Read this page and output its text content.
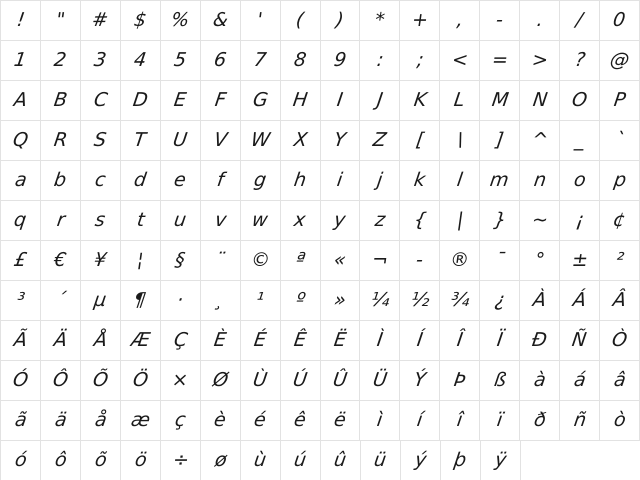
! " # $ % & ' ( ) * + , - . / 0
1 2 3 4 5 6 7 8 9 : ; < = > ? @
A B C D E F G H I J K L M N O P
Q R S T U V W X Y Z [ \ ] ^ _ `
a b c d e f g h i j k l m n o p
q r s t u v w x y z { | } ~ ¡ ¢
£ € ¥ ¦ § ¨ © ª « ¬ - ® ¯ ° ± ²
³ ´ µ ¶ · ¸ ¹ º » ¼ ½ ¾ ¿ À Á Â
Ã Ä Å Æ Ç È É Ê Ë Ì Í Î Ï Ð Ñ Ò
Ó Ô Õ Ö × Ø Ù Ú Û Ü Ý Þ ß à á â
ã ä å æ ç è é ê ë ì í î ï ð ñ ò
ó ô õ ö ÷ ø ù ú û ü ý þ ÿ
